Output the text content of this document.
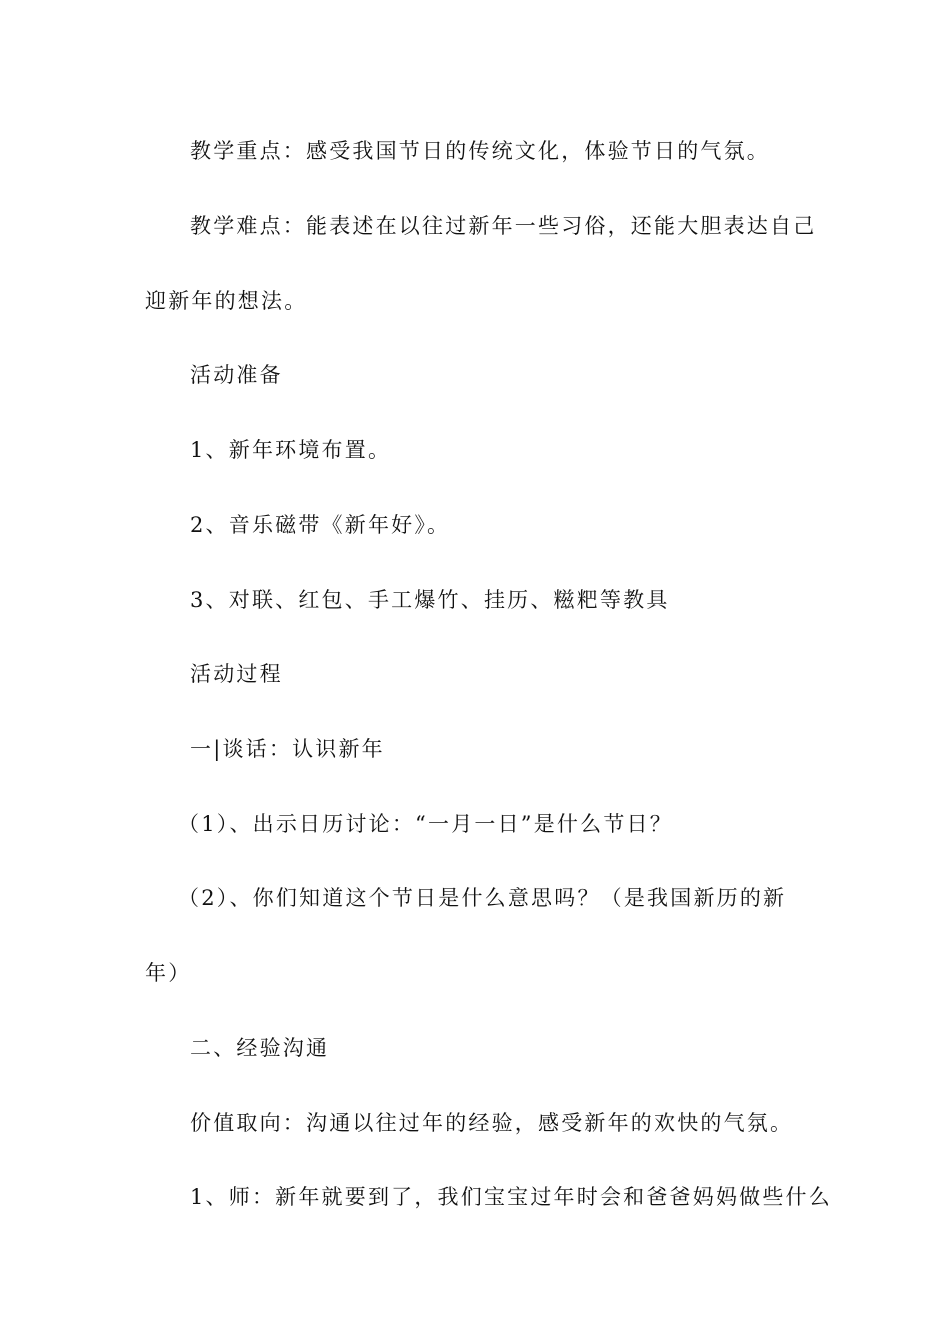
教学重点：感受我国节日的传统文化，体验节日的气氛。
教学难点：能表述在以往过新年一些习俗，还能大胆表达自己
迎新年的想法。
活动准备
1、新年环境布置。
2、音乐磁带《新年好》。
3、对联、红包、手工爆竹、挂历、糍粑等教具
活动过程
一|谈话：认识新年
（1）、出示日历讨论：“一月一日”是什么节日？
（2）、你们知道这个节日是什么意思吗？（是我国新历的新
年）
二、经验沟通
价值取向：沟通以往过年的经验，感受新年的欢快的气氛。
1、师：新年就要到了，我们宝宝过年时会和爸爸妈妈做些什么
